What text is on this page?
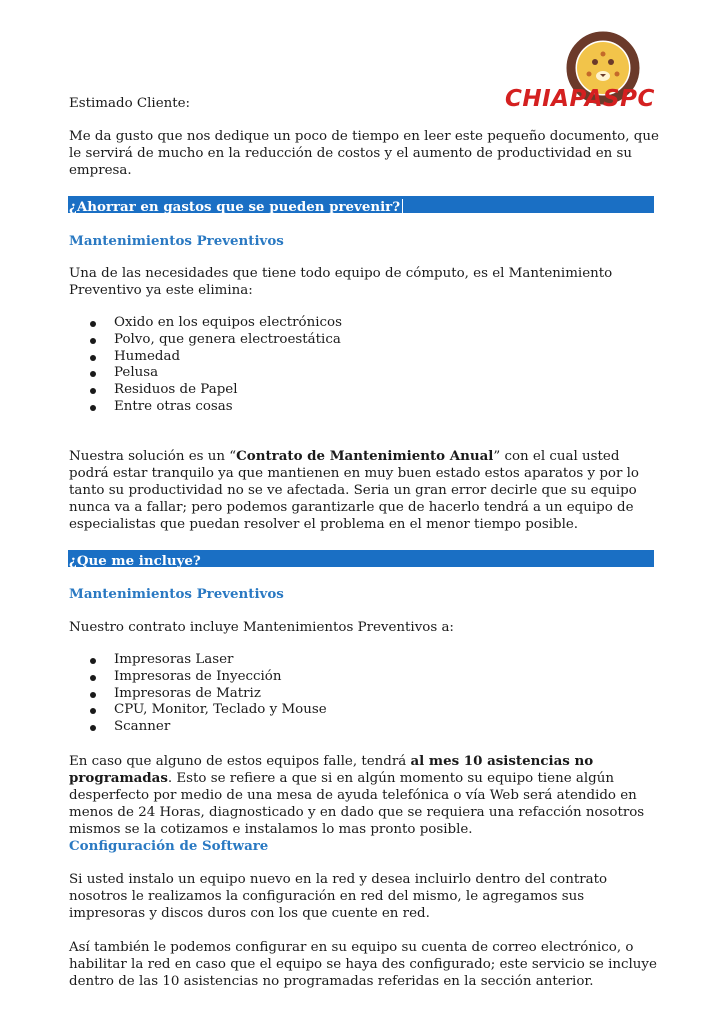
CHIAPASPC

Estimado Cliente:

Me da gusto que nos dedique un poco de tiempo en leer este pequeño documento, que le servirá de mucho en la reducción de costos y el aumento de productividad en su empresa.

¿Ahorrar en gastos que se pueden prevenir?

Mantenimientos Preventivos

Una de las necesidades que tiene todo equipo de cómputo, es el Mantenimiento Preventivo ya este elimina:

Oxido en los equipos electrónicos
Polvo, que genera electroestática
Humedad
Pelusa
Residuos de Papel
Entre otras cosas

Nuestra solución es un “Contrato de Mantenimiento Anual” con el cual usted podrá estar tranquilo ya que mantienen en muy buen estado estos aparatos y por lo tanto su productividad no se ve afectada. Seria un gran error decirle que su equipo nunca va a fallar; pero podemos garantizarle que de hacerlo tendrá a un equipo de especialistas que puedan resolver el problema en el menor tiempo posible.

¿Que me incluye?

Mantenimientos Preventivos

Nuestro contrato incluye Mantenimientos Preventivos a:

Impresoras Laser
Impresoras de Inyección
Impresoras de Matriz
CPU, Monitor, Teclado y Mouse
Scanner

En caso que alguno de estos equipos falle, tendrá al mes 10 asistencias no programadas. Esto se refiere a que si en algún momento su equipo tiene algún desperfecto por medio de una mesa de ayuda telefónica o vía Web será atendido en menos de 24 Horas, diagnosticado y en dado que se requiera una refacción nosotros mismos se la cotizamos e instalamos lo mas pronto posible.

Configuración de Software

Si usted instalo un equipo nuevo en la red y desea incluirlo dentro del contrato nosotros le realizamos la configuración en red del mismo, le agregamos sus impresoras y discos duros con los que cuente en red.

Así también le podemos configurar en su equipo su cuenta de correo electrónico, o habilitar la red en caso que el equipo se haya des configurado; este servicio se incluye dentro de las 10 asistencias no programadas referidas en la sección anterior.
